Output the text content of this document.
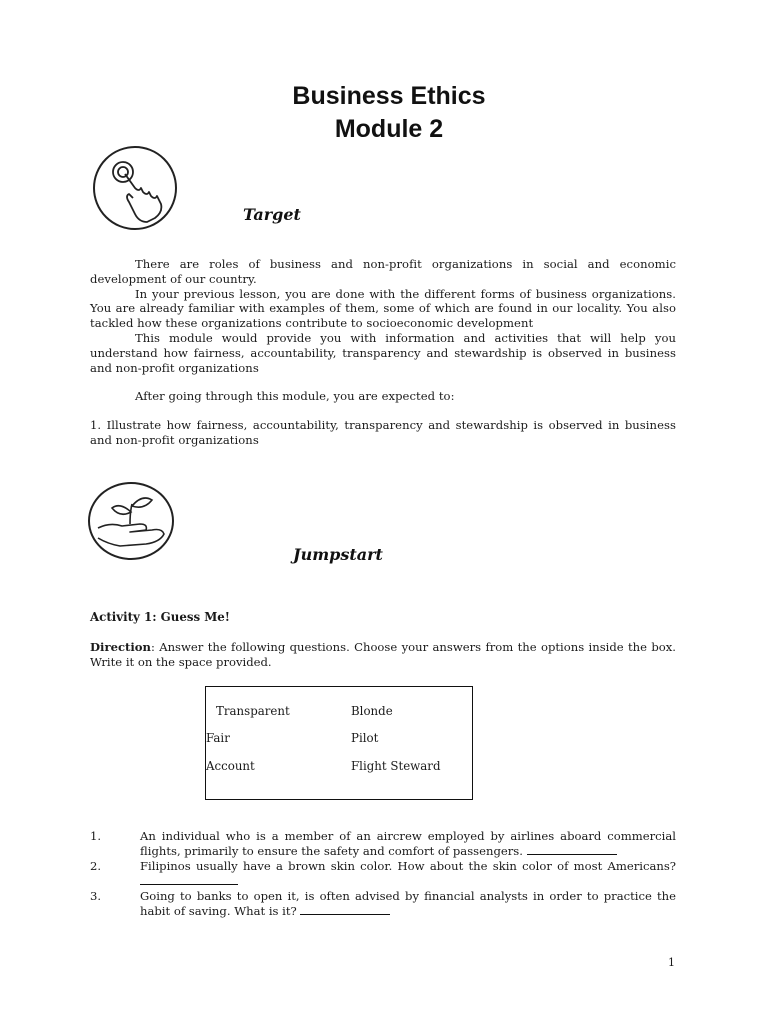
Business Ethics
Module 2
Target

There are roles of business and non-profit organizations in social and economic development of our country.

In your previous lesson, you are done with the different forms of business organizations. You are already familiar with examples of them, some of which are found in our locality. You also tackled how these organizations contribute to socioeconomic development

This module would provide you with information and activities that will help you understand how fairness, accountability, transparency and stewardship is observed in business and non-profit organizations

After going through this module, you are expected to:

1. Illustrate how fairness, accountability, transparency and stewardship is observed in business and non-profit organizations

Jumpstart
Activity 1: Guess Me!
Direction: Answer the following questions. Choose your answers from the options inside the box. Write it on the space provided.
Transparent	Blonde
Fair	Pilot
Account	Flight Steward
1.	An individual who is a member of an aircrew employed by airlines aboard commercial flights, primarily to ensure the safety and comfort of passengers.
2.	Filipinos usually have a brown skin color. How about the skin color of most Americans?
3.	Going to banks to open it, is often advised by financial analysts in order to practice the habit of saving. What is it?
1
